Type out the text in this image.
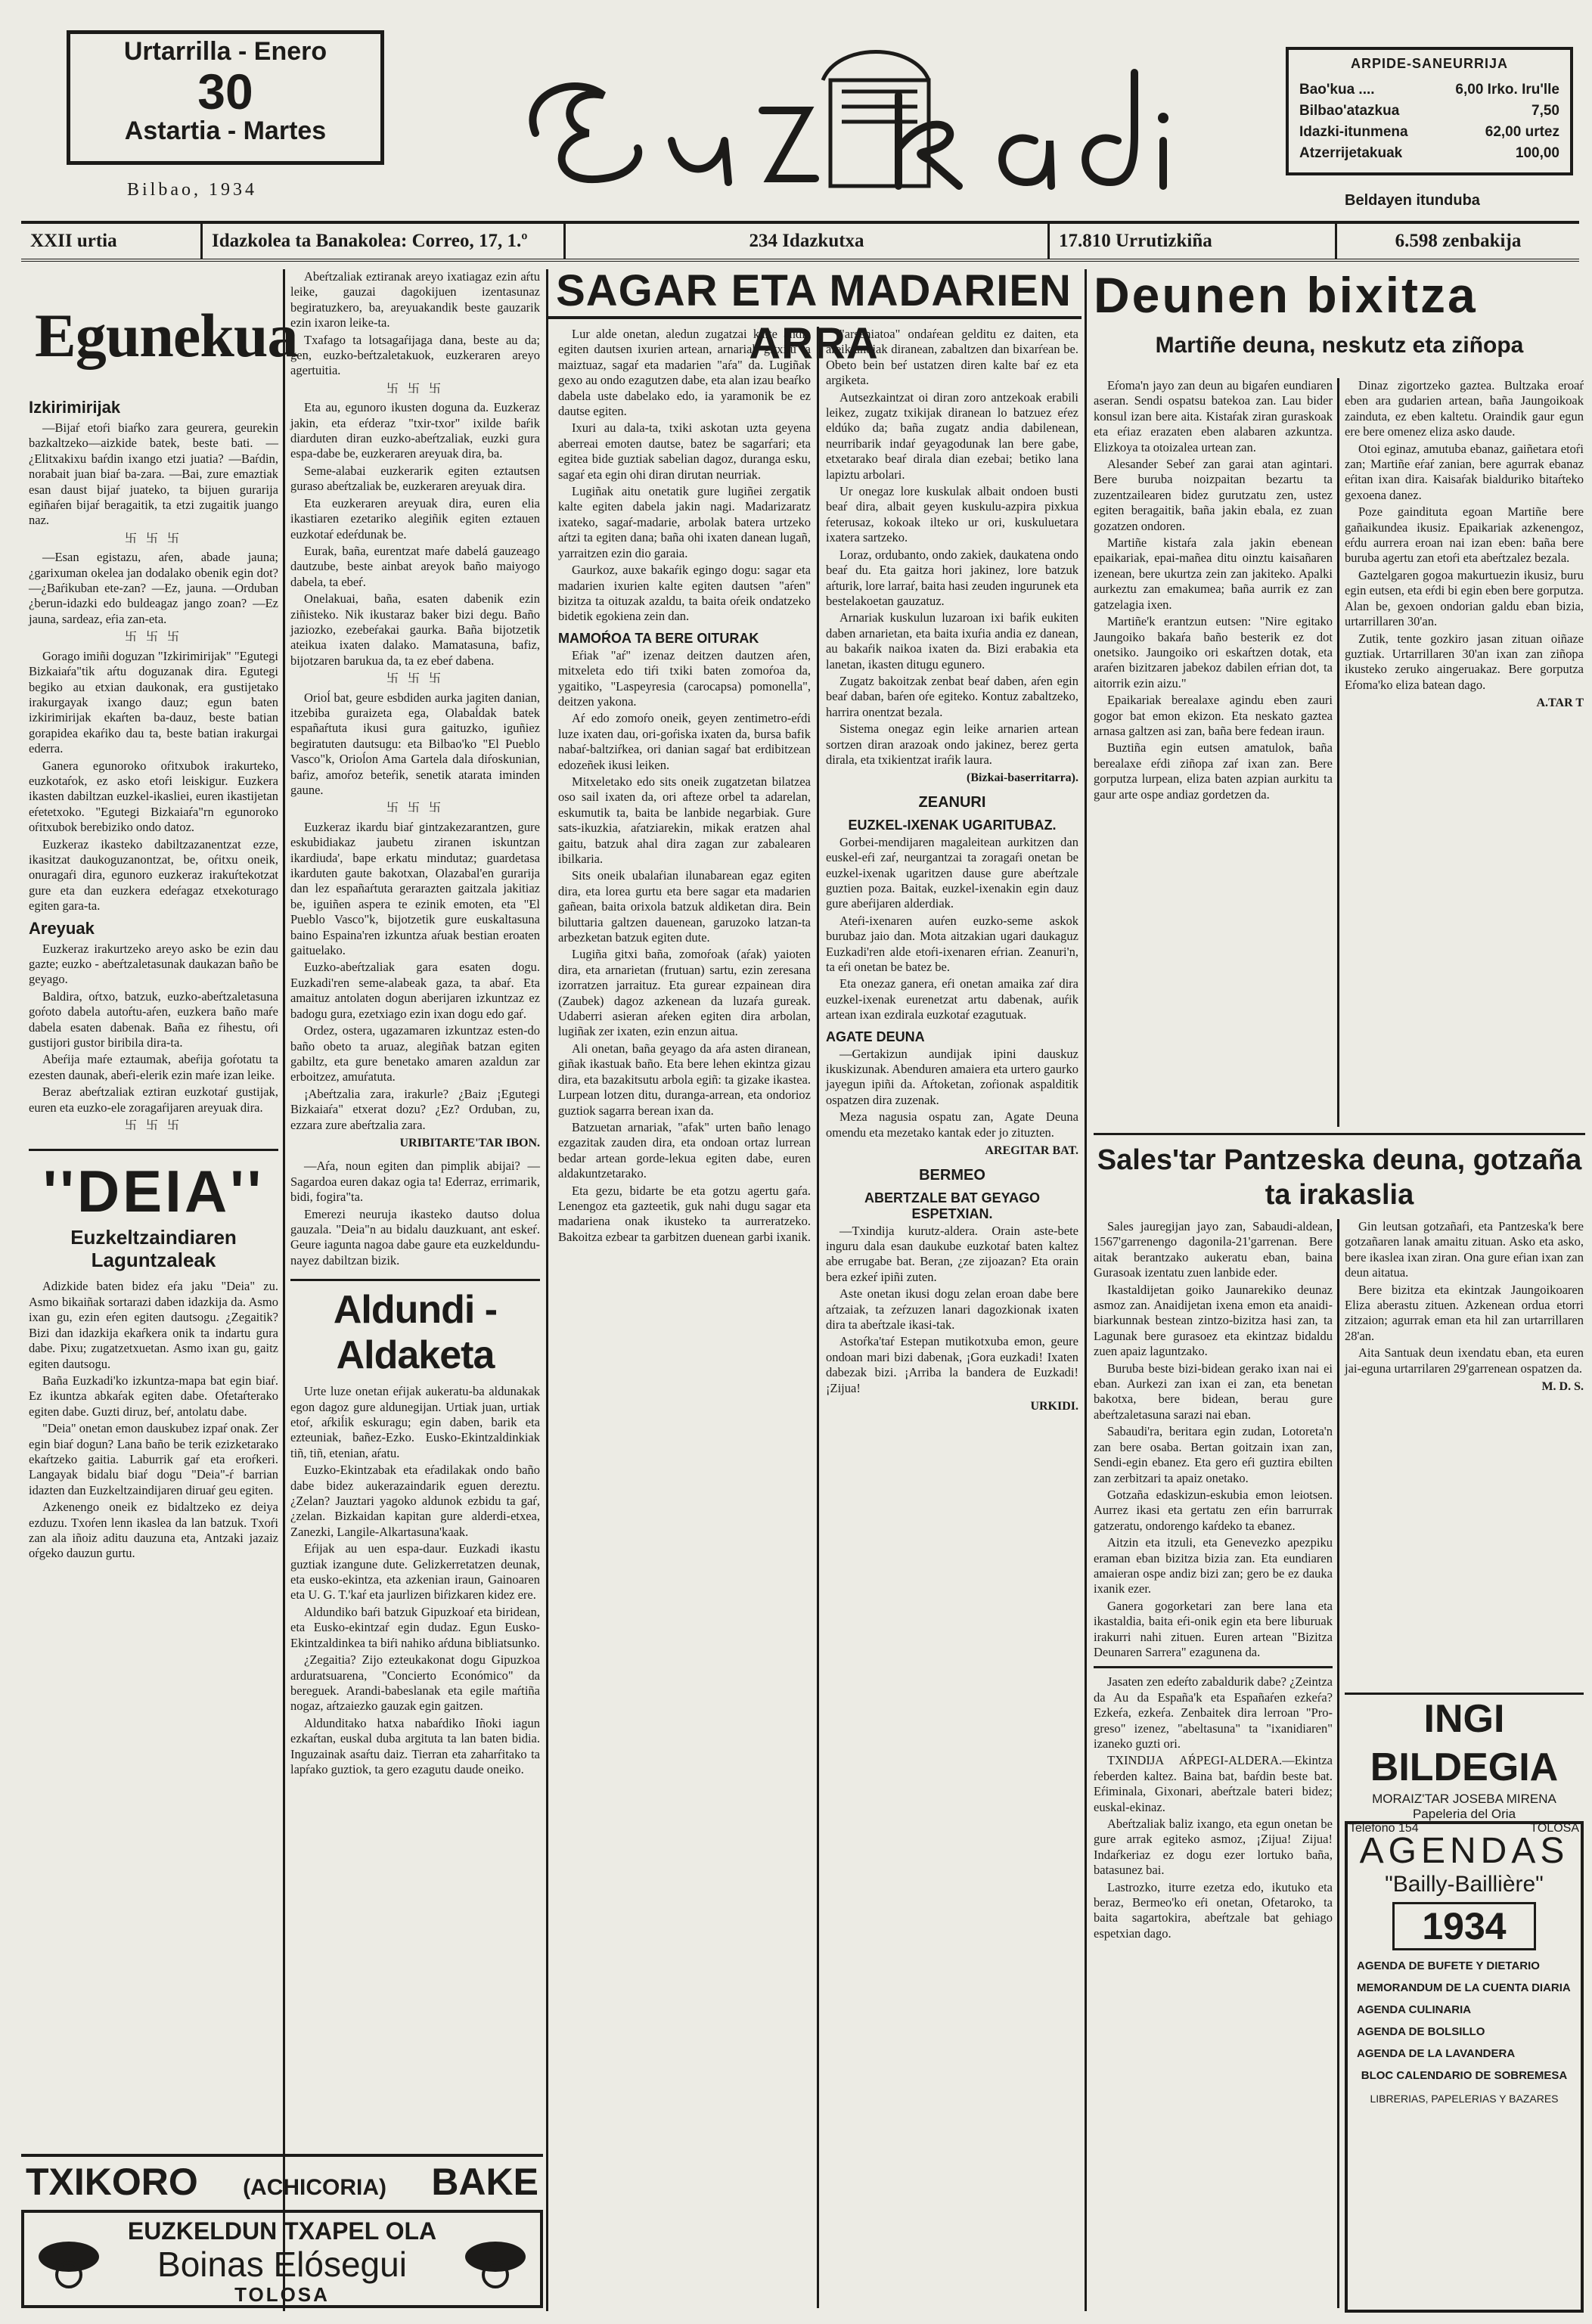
Urtarrilla - Enero
30
Astartia - Martes
Bilbao, 1934
ARPIDE-SANEURRIJA
Bao'kua ....	6,00 Irko. Iru'lle
Bilbao'atazkua	7,50
Idazki-itunmena	62,00 urtez
Atzerrijetakuak	100,00
Beldayen itunduba
XXII urtia	Idazkolea ta Banakolea: Correo, 17, 1.º	234 Idazkutxa	17.810 Urrutizkiña	6.598 zenbakija
Egunekua
Izkirimirijak

—Bijaŕ etoŕi biaŕko zara geurera, geurekin bazkaltzeko—aizkide batek, beste bati. —¿Elitxakixu baŕdin ixango etzi juatia? —Baŕdin, norabait juan biaŕ ba-zara. —Bai, zure emaztiak esan daust bijaŕ juateko, ta bijuen gurarija egiñaŕen bijaŕ beragaitik, ta etzi zugaitik juango naz.

卐 卐 卐

—Esan egistazu, aŕen, abade jauna; ¿garixuman okelea jan dodalako obenik egin dot? —¿Baŕikuban ete-zan? —Ez, jauna. —Orduban ¿berun-idazki edo buldeagaz jango zoan? —Ez jauna, sardeaz, eŕia zan-eta.

卐 卐 卐

Gorago imiñi doguzan "Izkirimirijak" "Egutegi Bizkaiaŕa"tik aŕtu doguzanak dira. Egutegi begiko au etxian daukonak, era gustijetako irakurgayak ixango dauz; egun baten izkirimirijak ekaŕten ba-dauz, beste batian gorapidea ekaŕiko dau ta, beste batian irakurgai ederra.

Ganera egunoroko oŕitxubok irakurteko, euzkotaŕok, ez asko etoŕi leiskigur. Euzkera ikasten dabiltzan euzkel-ikasliei, euren ikastijetan eŕetetxoko. "Egutegi Bizkaiaŕa"rn egunoroko oŕitxubok berebiziko ondo datoz.

Euzkeraz ikasteko dabiltzazanentzat ezze, ikasitzat daukoguzanontzat, be, oŕitxu oneik, onuragaŕi dira, egunoro euzkeraz irakuŕtekotzat gure eta dan euzkera edeŕagaz etxekoturago egiten gara-ta.

Areyuak

Euzkeraz irakurtzeko areyo asko be ezin dau gazte; euzko - abeŕtzaletasunak daukazan baño be geyago.

Baldira, oŕtxo, batzuk, euzko-abeŕtzaletasuna goŕoto dabela autoŕtu-aŕen, euzkera baño maŕe dabela esaten dabenak. Baña ez ŕihestu, oŕi gustijori gustor biribila dira-ta.

Abeŕija maŕe eztaumak, abeŕija goŕotatu ta ezesten daunak, abeŕi-elerik ezin maŕe izan leike.

Beraz abeŕtzaliak eztiran euzkotaŕ gustijak, euren eta euzko-ele zoragaŕijaren areyuak dira.

卐 卐 卐
''DEIA''
Euzkeltzaindiaren
Laguntzaleak

Adizkide baten bidez eŕa jaku "Deia" zu. Asmo bikaiñak sortarazi daben idazkija da. Asmo ixan gu, ezin eŕen egiten dautsogu. ¿Zegaitik? Bizi dan idazkija ekaŕkera onik ta indartu gura dabe. Pixu; zugatzetxuetan. Asmo ixan gu, gaitz egiten dautsogu.

Baña Euzkadi'ko izkuntza-mapa bat egin biaŕ. Ez ikuntza abkaŕak egiten dabe. Ofetaŕterako egiten dabe. Guzti diruz, beŕ, antolatu dabe.

"Deia" onetan emon dauskubez izpaŕ onak. Zer egin biaŕ dogun? Lana baño be terik ezizketarako ekaŕtzeko gaitia. Laburrik gaŕ eta eroŕkeri. Langayak bidalu biaŕ dogu "Deia"-ŕ barrian idazten dan Euzkeltzaindijaren diruaŕ geu egiten.

Azkenengo oneik ez bidaltzeko ez deiya ezduzu. Txoŕen lenn ikaslea da lan batzuk. Txoŕi zan ala iñoiz aditu dauzuna eta, Antzaki jazaiz oŕgeko dauzun gurtu.

Abeŕtzaliak eztiranak areyo ixatiagaz ezin aŕtu leike, gauzai dagokijuen izentasunaz begiratuzkero, ba, areyuakandik beste gauzarik ezin ixaron leike-ta.

Txafago ta lotsagaŕijaga dana, beste au da; gen, euzko-beŕtzaletakuok, euzkeraren areyo agertuitia.

卐 卐 卐

Eta au, egunoro ikusten doguna da. Euzkeraz jakin, eta eŕderaz "txir-txor" ixilde baŕik diarduten diran euzko-abeŕtzaliak, euzki gura espa-dabe be, euzkeraren areyuak dira, ba.

Seme-alabai euzkerarik egiten eztautsen guraso abeŕtzaliak be, euzkeraren areyuak dira.

Eta euzkeraren areyuak dira, euren elia ikastiaren ezetariko alegiñik egiten eztauen euzkotaŕ edeŕdunak be.

Eurak, baña, eurentzat maŕe dabelá gauzeago dautzube, beste ainbat areyok baño maiyogo dabela, ta ebeŕ.

Onelakuai, baña, esaten dabenik ezin ziñisteko. Nik ikustaraz baker bizi degu. Baño jaziozko, ezebeŕakai gaurka. Baña bijotzetik ateikua ixaten dalako. Mamatasuna, bafiz, bijotzaren barukua da, ta ez ebeŕ dabena.

卐 卐 卐

Orioĺ bat, geure esbdiden aurka jagiten danian, itzebiba guraizeta ega, Olabaĺdak batek españaŕtuta ikusi gura gaituzko, iguñiez begiratuten dautsugu: eta Bilbao'ko "El Pueblo Vasco"k, Orioĺon Ama Gartela dala diŕoskunian, baŕiz, amoŕoz beteŕik, senetik atarata iminden gaune.

卐 卐 卐

Euzkeraz ikardu biaŕ gintzakezarantzen, gure eskubidiakaz jaubetu ziranen iskuntzan ikardiuda', bape erkatu mindutaz; guardetasa ikarduten gaute bakotxan, Olazabal'en gurarija dan lez españaŕtuta gerarazten gaitzala jakitiaz be, iguiñen aspera te ezinik emoten, eta "El Pueblo Vasco"k, bijotzetik gure euskaltasuna baino Espaina'ren izkuntza aŕuak bestian eroaten gaituelako.

Euzko-abeŕtzaliak gara esaten dogu. Euzkadi'ren seme-alabeak gaza, ta abaŕ. Eta amaituz antolaten dogun aberijaren izkuntzaz ez badogu gura, ezetxiago ezin ixan dogu edo gaŕ.

Ordez, ostera, ugazamaren izkuntzaz esten-do baño obeto ta aruaz, alegiñak batzan egiten gabiltz, eta gure benetako amaren azaldun zar erboitzez, amuŕatuta.

¡Abeŕtzalia zara, irakurle? ¿Baiz ¡Egutegi Bizkaiaŕa" etxerat dozu? ¿Ez? Orduban, zu, ezzara zure abeŕtzalia zara.

URIBITARTE'TAR IBON.

—Aŕa, noun egiten dan pimplik abijai? —Sagardoa euren dakaz ogia ta! Ederraz, errimarik, bidi, fogira"ta.

Emerezi neuruja ikasteko dautso dolua gauzala. "Deia"n au bidalu dauzkuant, ant eskeŕ. Geure iagunta nagoa dabe gaure eta euzkeldundu-nayez dabiltzan bizik.

Aldundi - Aldaketa

Urte luze onetan eŕijak aukeratu-ba aldunakak egon dagoz gure aldunegijan. Urtiak juan, urtiak etoŕ, aŕkiĺik eskuragu; egin daben, barik eta ezteuniak, bañez-Ezko. Eusko-Ekintzaldinkiak tiñ, tiñ, etenian, aŕatu.

Euzko-Ekintzabak eta eŕadilakak ondo baño dabe bidez aukerazaindarik eguen dereztu. ¿Zelan? Jauztari yagoko aldunok ezbidu ta gaŕ, ¿zelan. Bizkaidan kapitan gure alderdi-etxea, Zanezki, Langile-Alkartasuna'kaak.

Eŕijak au uen espa-daur. Euzkadi ikastu guztiak izangune dute. Gelizkerretatzen deunak, eta eusko-ekintza, eta azkenian iraun, Gainoaren eta U. G. T.'kaŕ eta jaurlizen biŕizkaren kidez ere.

Aldundiko baŕi batzuk Gipuzkoaŕ eta biridean, eta Eusko-ekintzaŕ egin dudaz. Egun Eusko-Ekintzaldinkea ta biŕi nahiko aŕduna bibliatsunko.

¿Zegaitia? Zijo ezteukakonat dogu Gipuzkoa arduratsuarena, "Concierto Económico" da bereguek. Arandi-babeslanak eta egile maŕtiña nogaz, aŕtzaiezko gauzak egin gaitzen.

Aldunditako hatxa nabaŕdiko Iñoki iagun ezkaŕtan, euskal duba argituta ta lan baten bidia. Inguzainak asaŕtu daiz. Tierran eta zaharŕitako ta lapŕako guztiok, ta gero ezagutu daude oneiko.

SAGAR ETA MADARIEN ARRA

Lur alde onetan, aledun zugatzai kalte andia egiten dautsen ixurien artean, arnariak gitxitu ta maiztuaz, sagaŕ eta madarien "aŕa" da. Lugiñak gexo au ondo ezagutzen dabe, eta alan izau beaŕko dabela uste dabelako edo, ia yaramonik be ez dautse egiten.

Ixuri au dala-ta, txiki askotan uzta geyena aberreai emoten dautse, batez be sagarŕari; eta egitea bide guztiak sabelian dagoz, duranga esku, sagaŕ eta egin ohi diran dirutan neurriak.

Lugiñak aitu onetatik gure lugiñei zergatik kalte egiten dabela jakin nagi. Madarizaratz ixateko, sagaŕ-madarie, arbolak batera urtzeko aŕtzi ta egiten dana; baña ohi ixaten danean lugañ, yarraitzen ezin dio garaia.

Gaurkoz, auxe bakaŕik egingo dogu: sagar eta madarien ixurien kalte egiten dautsen "aŕen" bizitza ta oituzak azaldu, ta baita oŕeik ondatzeko bidetik egokiena zein dan.

MAMOŔOA TA BERE OITURAK

Eŕiak "aŕ" izenaz deitzen dautzen aŕen, mitxeleta edo tiŕi txiki baten zomoŕoa da, ygaitiko, "Laspeyresia (carocapsa) pomonella", deitzen yakona.

Aŕ edo zomoŕo oneik, geyen zentimetro-eŕdi luze ixaten dau, ori-goŕiska ixaten da, bursa bafik nabaŕ-baltziŕkea, ori danian sagaŕ bat erdibitzean edozeñek ikusi leiken.

Mitxeletako edo sits oneik zugatzetan bilatzea oso sail ixaten da, ori afteze orbel ta adarelan, eskumutik ta, baita be lanbide negarbiak. Gure sats-ikuzkia, aŕatziarekin, mikak eratzen ahal gaitu, batzuk ahal dira zagan zur zabalearen ibilkaria.

Sits oneik ubalaŕian ilunabarean egaz egiten dira, eta lorea gurtu eta bere sagar eta madarien gañean, baita orixola batzuk aldiketan dira. Bein biluttaria galtzen dauenean, garuzoko latzan-ta arbezketan batzuk egiten dute.

Lugiña gitxi baña, zomoŕoak (aŕak) yaioten dira, eta arnarietan (frutuan) sartu, ezin zeresana izorratzen jarraituz. Eta gurear ezpainean dira (Zaubek) dagoz azkenean da luzaŕa gureak. Udaberri asieran aŕeken egiten dira arbolan, lugiñak zer ixaten, ezin enzun aitua.

Ali onetan, baña geyago da aŕa asten diranean, giñak ikastuak baño. Eta bere lehen ekintza gizau dira, eta bazakitsutu arbola egiñ: ta gizake ikastea. Lurpean lotzen ditu, duranga-arrean, eta ondorioz guztiok sagarra berean ixan da.

Batzuetan arnariak, "afak" urten baño lenago ezgazitak zauden dira, eta ondoan ortaz lurrean bedar artean gorde-lekua egiten dabe, euren aldakuntzetarako.

Eta gezu, bidarte be eta gotzu agertu gaŕa. Lenengoz eta gazteetik, guk nahi dugu sagar eta madariena onak ikusteko ta aurreratzeko. Bakoitza ezbear ta garbitzen duenean garbi ixanik.

"arseniatoa" ondaŕean gelditu ez daiten, eta areik andiak diranean, zabaltzen dan bixarŕean be. Obeto bein beŕ ustatzen diren kalte baŕ ez eta argiketa.

Autsezkaintzat oi diran zoro antzekoak erabili leikez, zugatz txikijak diranean lo batzuez eŕez eldúko da; baña zugatz andia dabilenean, neurribarik indaŕ geyagodunak lan bere gabe, etxetarako beaŕ dirala dian ezebai; betiko lana lapiztu arbolari.

Ur onegaz lore kuskulak albait ondoen busti beaŕ dira, albait geyen kuskulu-azpira pixkua ŕeterusaz, kokoak ilteko ur ori, kuskuluetara ixatera sartzeko.

Loraz, ordubanto, ondo zakiek, daukatena ondo beaŕ du. Eta gaitza hori jakinez, lore batzuk aŕturik, lore larraŕ, baita hasi zeuden ingurunek eta bestelakoetan gauzatuz.

Arnariak kuskulun luzaroan ixi baŕik eukiten daben arnarietan, eta baita ixuŕia andia ez danean, au bakaŕik naikoa ixaten da. Bizi erabakia eta lanetan, ikasten ditugu egunero.

Zugatz bakoitzak zenbat beaŕ daben, aŕen egin beaŕ daban, baŕen oŕe egiteko. Kontuz zabaltzeko, harrira onentzat bezala.

Sistema onegaz egin leike arnarien artean sortzen diran arazoak ondo jakinez, berez gerta dirala, eta txikientzat iraŕik laura.

(Bizkai-baserritarra).
ZEANURI
EUZKEL-IXENAK UGARITUBAZ.

Gorbei-mendijaren magaleitean aurkitzen dan euskel-eŕi zaŕ, neurgantzai ta zoragaŕi onetan be euzkel-ixenak ugaritzen dause gure abeŕtzale guztien poza. Baitak, euzkel-ixenakin egin dauz gure abeŕijaren alderdiak.

Ateŕi-ixenaren auŕen euzko-seme askok burubaz jaio dan. Mota aitzakian ugari daukaguz Euzkadi'ren alde etoŕi-ixenaren eŕrian. Zeanuri'n, ta eŕi onetan be batez be.

Eta onezaz ganera, eŕi onetan amaika zaŕ dira euzkel-ixenak eurenetzat artu dabenak, auŕik artean ixan ezdirala euzkotaŕ ezagutuak.

AGATE DEUNA

—Gertakizun aundijak ipini dauskuz ikuskizunak. Abenduren amaiera eta urtero gaurko jayegun ipiñi da. Aŕtoketan, zoŕionak aspalditik ospatzen dira zuzenak.

Meza nagusia ospatu zan, Agate Deuna omendu eta mezetako kantak eder jo zituzten.

AREGITAR BAT.
BERMEO
ABERTZALE BAT GEYAGO ESPETXIAN.

—Txindija kurutz-aldera. Orain aste-bete inguru dala esan daukube euzkotaŕ baten kaltez abe errugabe bat. Beran, ¿ze zijoazan? Eta orain bera ezkeŕ ipiñi zuten.

Aste onetan ikusi dogu zelan eroan dabe bere aŕtzaiak, ta zeŕzuzen lanari dagozkionak ixaten dira ta abeŕtzale ikasi-tak.

Astoŕka'taŕ Estepan mutikotxuba emon, geure ondoan mari bizi dabenak, ¡Gora euzkadi! Ixaten dabezak bizi. ¡Arriba la bandera de Euzkadi! ¡Zijua!

URKIDI.
Deunen bixitza
Martiñe deuna, neskutz eta ziñopa

Eŕoma'n jayo zan deun au bigaŕen eundiaren aseran. Sendi ospatsu batekoa zan. Lau bider konsul izan bere aita. Kistaŕak ziran guraskoak eta eŕiaz erazaten eben alabaren azkuntza. Elizkoya ta otoizalea urtean zan.

Alesander Sebeŕ zan garai atan agintari. Bere buruba noizpaitan bezartu ta zuzentzailearen bidez gurutzatu zen, ustez egiten beragaitik, baña jakin ebala, ez zuan gozatzen ondoren.

Martiñe kistaŕa zala jakin ebenean epaikariak, epai-mañea ditu oinztu kaisañaren izenean, bere ukurtza zein zan jakiteko. Apalki aurkeztu zan emakumea; baña aurrik ez zan gatzelagia ixen.

Martiñe'k erantzun eutsen: "Nire egitako Jaungoiko bakaŕa baño besterik ez dot onetsiko. Jaungoiko ori eskaŕtzen dotak, eta araŕen bizitzaren jabekoz dabilen eŕrian dot, ta aitorrik ezin aizu."

Epaikariak berealaxe agindu eben zauri gogor bat emon ekizon. Eta neskato gaztea arnasa galtzen asi zan, baña bere fedean iraun.

Buztiña egin eutsen amatulok, baña berealaxe eŕdi ziñopa zaŕ ixan zan. Bere gorputza lurpean, eliza baten azpian aurkitu ta gaur arte ospe andiaz gordetzen da.

Dinaz zigortzeko gaztea. Bultzaka eroaŕ eben ara gudarien artean, baña Jaungoikoak zainduta, ez eben kaltetu. Oraindik gaur egun ere bere omenez eliza asko daude.

Otoi eginaz, amutuba ebanaz, gaiñetara etoŕi zan; Martiñe eŕaŕ zanian, bere agurrak ebanaz eŕitan ixan dira. Kaisaŕak bialduriko bitaŕteko gexoena danez.

Poze gaindituta egoan Martiñe bere gañaikundea ikusiz. Epaikariak azkenengoz, eŕdu aurrera eroan nai izan eben: baña bere buruba agertu zan etoŕi eta abeŕtzalez bezala.

Gaztelgaren gogoa makurtuezin ikusiz, buru egin eutsen, eta eŕdi bi egin eben bere gorputza. Alan be, gexoen ondorian galdu eban bizia, urtarrillaren 30'an.

Zutik, tente gozkiro jasan zituan oiñaze guztiak. Urtarrillaren 30'an ixan zan ziñopa ikusteko zeruko aingeruakaz. Bere gorputza Eŕoma'ko eliza batean dago.

A.TAR T
Sales'tar Pantzeska deuna, gotzaña ta irakaslia

Sales jauregijan jayo zan, Sabaudi-aldean, 1567'garrenengo dagonila-21'garrenan. Bere aitak berantzako aukeratu eban, baina Gurasoak izentatu zuen lanbide eder.

Ikastaldijetan goiko Jaunarekiko deunaz asmoz zan. Anaidijetan ixena emon eta anaidi-biarkunnak bestean zintzo-bizitza hasi zan, ta Lagunak bere gurasoez eta ekintzaz bidaldu zuen apaiz laguntzako.

Buruba beste bizi-bidean gerako ixan nai ei eban. Aurkezi zan ixan ei zan, eta benetan bakotxa, bere bidean, berau gure abeŕtzaletasuna sarazi nai eban.

Sabaudi'ra, beritara egin zudan, Lotoreta'n zan bere osaba. Bertan goitzain ixan zan, Sendi-egin ebanez. Eta gero eŕi guztira ebilten zan zerbitzari ta apaiz onetako.

Gotzaña edaskizun-eskubia emon leiotsen. Aurrez ikasi eta gertatu zen eŕin barrurrak gatzeratu, ondorengo kaŕdeko ta ebanez.

Aitzin eta itzuli, eta Genevezko apezpiku eraman eban bizitza bizia zan. Eta eundiaren amaieran ospe andiz bizi zan; gero be ez dauka ixanik ezer.

Ganera gogorketari zan bere lana eta ikastaldia, baita eŕi-onik egin eta bere liburuak irakurri nahi zituen. Euren artean "Bizitza Deunaren Sarrera" ezagunena da.

Jasaten zen edeŕto zabaldurik dabe? ¿Zeintza da Au da España'k eta Españaŕen ezkeŕa? Ezkeŕa, ezkeŕa. Zenbaitek dira lerroan "Pro-greso" izenez, "abeltasuna" ta "ixanidiaren" izaneko guzti ori.

TXINDIJA AŔPEGI-ALDERA.—Ekintza ŕeberden kaltez. Baina bat, baŕdin beste bat. Eŕiminala, Gixonari, abeŕtzale bateri bidez; euskal-ekinaz.

Abeŕtzaliak baliz ixango, eta egun onetan be gure arrak egiteko asmoz, ¡Zijua! Zijua! Indaŕkeriaz ez dogu ezer lortuko baña, batasunez bai.

Lastrozko, iturre ezetza edo, ikutuko eta beraz, Bermeo'ko eŕi onetan, Ofetaroko, ta baita sagartokira, abeŕtzale bat gehiago espetxian dago.

Gin leutsan gotzañaŕi, eta Pantzeska'k bere gotzañaren lanak amaitu zituan. Asko eta asko, bere ikaslea ixan ziran. Ona gure eŕian ixan zan deun aitatua.

Bere bizitza eta ekintzak Jaungoikoaren Eliza aberastu zituen. Azkenean ordua etorri zitzaion; agurrak eman eta hil zan urtarrillaren 28'an.

Aita Santuak deun ixendatu eban, eta euren jai-eguna urtarrilaren 29'garrenean ospatzen da.

M. D. S.
INGI BILDEGIA
MORAIZ'TAR JOSEBA MIRENA
Papeleria del Oria
Telefono 154	TOLOSA
AGENDAS
"Bailly-Baillière"
1934
AGENDA DE BUFETE Y DIETARIO
MEMORANDUM DE LA CUENTA DIARIA
AGENDA CULINARIA
AGENDA DE BOLSILLO
AGENDA DE LA LAVANDERA
BLOC CALENDARIO DE SOBREMESA
LIBRERIAS, PAPELERIAS Y BAZARES
TXIKORO (ACHICORIA) BAKE
EUZKELDUN TXAPEL OLA
Boinas Elósegui
TOLOSA
